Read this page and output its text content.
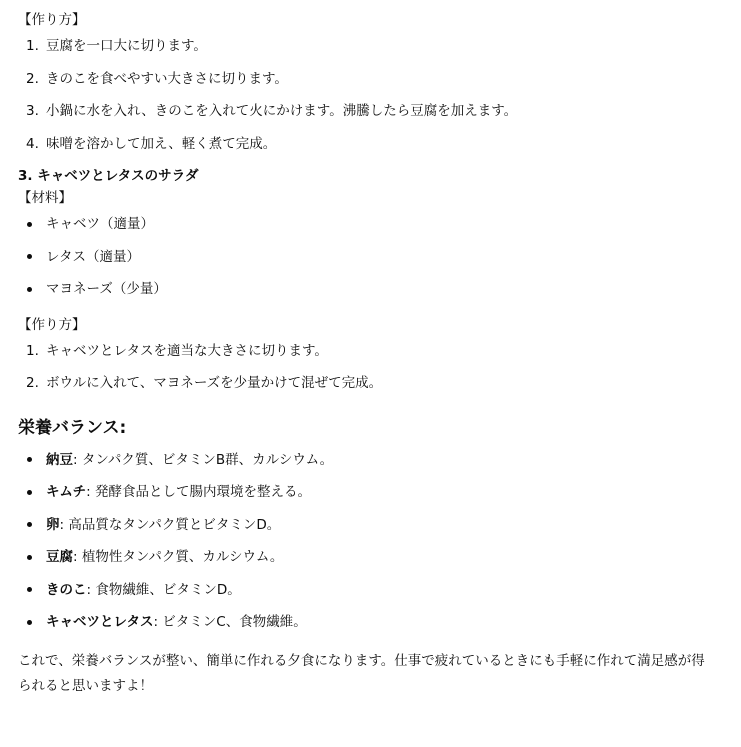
【作り方】
1. 豆腐を一口大に切ります。
2. きのこを食べやすい大きさに切ります。
3. 小鍋に水を入れ、きのこを入れて火にかけます。沸騰したら豆腐を加えます。
4. 味噌を溶かして加え、軽く煮て完成。
3. キャベツとレタスのサラダ
【材料】
キャベツ（適量）
レタス（適量）
マヨネーズ（少量）
【作り方】
1. キャベツとレタスを適当な大きさに切ります。
2. ボウルに入れて、マヨネーズを少量かけて混ぜて完成。
栄養バランス:
納豆: タンパク質、ビタミンB群、カルシウム。
キムチ: 発酵食品として腸内環境を整える。
卵: 高品質なタンパク質とビタミンD。
豆腐: 植物性タンパク質、カルシウム。
きのこ: 食物繊維、ビタミンD。
キャベツとレタス: ビタミンC、食物繊維。
これで、栄養バランスが整い、簡単に作れる夕食になります。仕事で疲れているときにも手軽に作れて満足感が得られると思いますよ！
